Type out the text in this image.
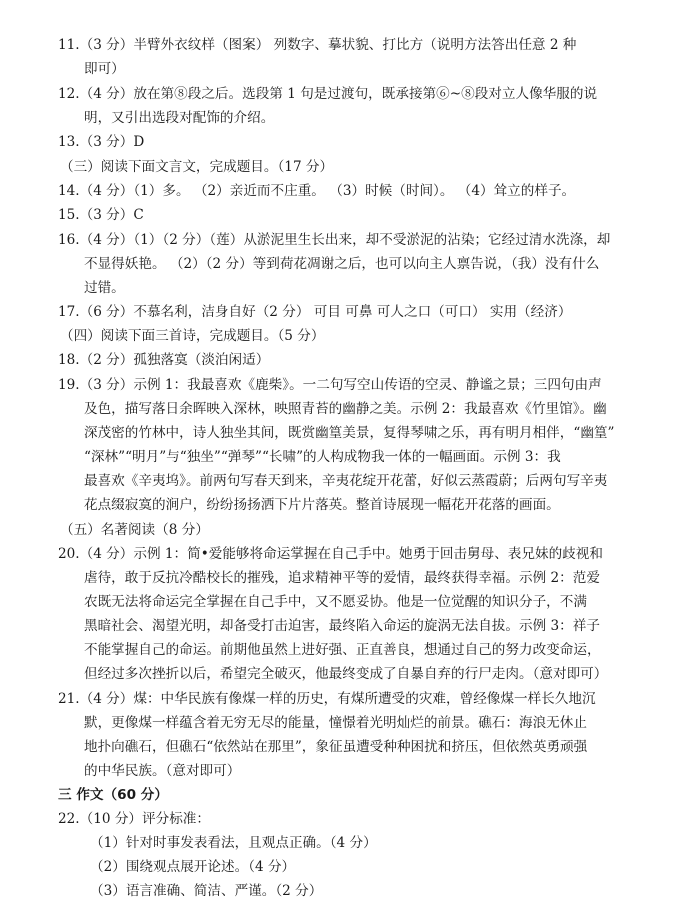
11.（3 分）半臂外衣纹样（图案） 列数字、摹状貌、打比方（说明方法答出任意 2 种
即可）
12.（4 分）放在第⑧段之后。选段第 1 句是过渡句，既承接第⑥~⑧段对立人像华服的说
明，又引出选段对配饰的介绍。
13.（3 分）D
（三）阅读下面文言文，完成题目。（17 分）
14.（4 分）（1）多。 （2）亲近而不庄重。 （3）时候（时间）。 （4）耸立的样子。
15.（3 分）C
16.（4 分）（1）（2 分）（莲）从淤泥里生长出来，却不受淤泥的沾染；它经过清水洗涤，却
不显得妖艳。 （2）（2 分）等到荷花凋谢之后，也可以向主人禀告说，（我）没有什么
过错。
17.（6 分）不慕名利，洁身自好（2 分） 可目 可鼻 可人之口（可口） 实用（经济）
（四）阅读下面三首诗，完成题目。（5 分）
18.（2 分）孤独落寞（淡泊闲适）
19.（3 分）示例 1：我最喜欢《鹿柴》。一二句写空山传语的空灵、静谧之景；三四句由声
及色，描写落日余晖映入深林，映照青苔的幽静之美。示例 2：我最喜欢《竹里馆》。幽
深茂密的竹林中，诗人独坐其间，既赏幽篁美景，复得琴啸之乐，再有明月相伴，“幽篁”
“深林”“明月”与“独坐”“弹琴”“长啸”的人构成物我一体的一幅画面。示例 3：我
最喜欢《辛夷坞》。前两句写春天到来，辛夷花绽开花蕾，好似云蒸霞蔚；后两句写辛夷
花点缀寂寞的涧户，纷纷扬扬洒下片片落英。整首诗展现一幅花开花落的画面。
（五）名著阅读（8 分）
20.（4 分）示例 1：简•爱能够将命运掌握在自己手中。她勇于回击舅母、表兄妹的歧视和
虐待，敢于反抗冷酷校长的摧残，追求精神平等的爱情，最终获得幸福。示例 2：范爱
农既无法将命运完全掌握在自己手中，又不愿妥协。他是一位觉醒的知识分子，不满
黑暗社会、渴望光明，却备受打击迫害，最终陷入命运的旋涡无法自拔。示例 3：祥子
不能掌握自己的命运。前期他虽然上进好强、正直善良，想通过自己的努力改变命运，
但经过多次挫折以后，希望完全破灭，他最终变成了自暴自弃的行尸走肉。（意对即可）
21.（4 分）煤：中华民族有像煤一样的历史，有煤所遭受的灾难，曾经像煤一样长久地沉
默，更像煤一样蕴含着无穷无尽的能量，憧憬着光明灿烂的前景。礁石：海浪无休止
地扑向礁石，但礁石“依然站在那里”，象征虽遭受种种困扰和挤压，但依然英勇顽强
的中华民族。（意对即可）
三 作文（60 分）
22.（10 分）评分标准：
（1）针对时事发表看法，且观点正确。（4 分）
（2）围绕观点展开论述。（4 分）
（3）语言准确、简洁、严谨。（2 分）
